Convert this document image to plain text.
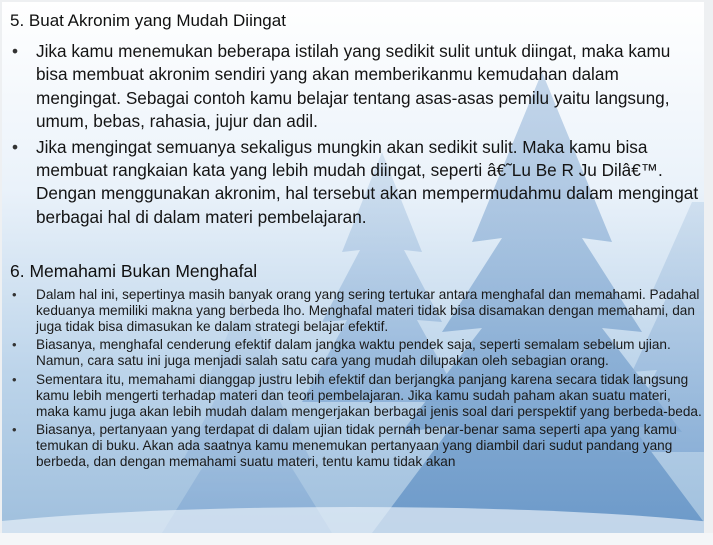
5. Buat Akronim yang Mudah Diingat
• Jika kamu menemukan beberapa istilah yang sedikit sulit untuk diingat, maka kamu bisa membuat akronim sendiri yang akan memberikanmu kemudahan dalam mengingat. Sebagai contoh kamu belajar tentang asas-asas pemilu yaitu langsung, umum, bebas, rahasia, jujur dan adil.
• Jika mengingat semuanya sekaligus mungkin akan sedikit sulit. Maka kamu bisa membuat rangkaian kata yang lebih mudah diingat, seperti â€˜Lu Be R Ju Dilâ€™. Dengan menggunakan akronim, hal tersebut akan mempermudahmu dalam mengingat berbagai hal di dalam materi pembelajaran.
6. Memahami Bukan Menghafal
• Dalam hal ini, sepertinya masih banyak orang yang sering tertukar antara menghafal dan memahami. Padahal keduanya memiliki makna yang berbeda lho. Menghafal materi tidak bisa disamakan dengan memahami, dan juga tidak bisa dimasukan ke dalam strategi belajar efektif.
• Biasanya, menghafal cenderung efektif dalam jangka waktu pendek saja, seperti semalam sebelum ujian. Namun, cara satu ini juga menjadi salah satu cara yang mudah dilupakan oleh sebagian orang.
• Sementara itu, memahami dianggap justru lebih efektif dan berjangka panjang karena secara tidak langsung kamu lebih mengerti terhadap materi dan teori pembelajaran. Jika kamu sudah paham akan suatu materi, maka kamu juga akan lebih mudah dalam mengerjakan berbagai jenis soal dari perspektif yang berbeda-beda.
• Biasanya, pertanyaan yang terdapat di dalam ujian tidak pernah benar-benar sama seperti apa yang kamu temukan di buku. Akan ada saatnya kamu menemukan pertanyaan yang diambil dari sudut pandang yang berbeda, dan dengan memahami suatu materi, tentu kamu tidak akan
